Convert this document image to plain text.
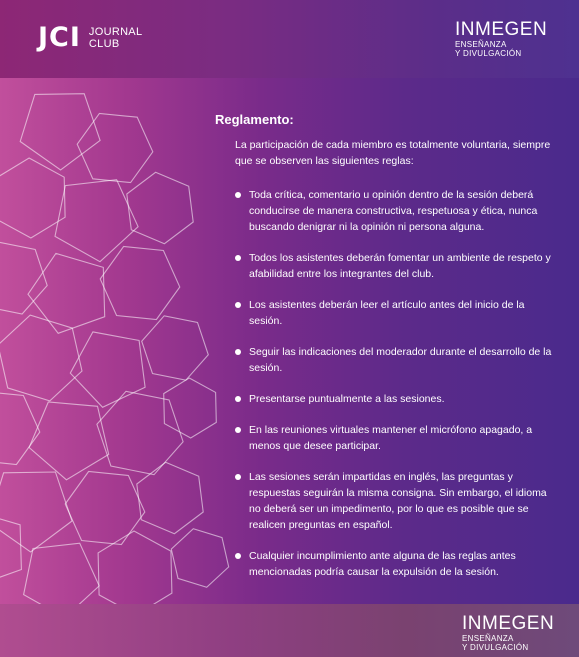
JCI JOURNAL
CLUB
INMEGEN
ENSEÑANZA
Y DIVULGACIÓN
Reglamento:
La participación de cada miembro es totalmente voluntaria, siempre que se observen las siguientes reglas:
Toda crítica, comentario u opinión dentro de la sesión deberá conducirse de manera constructiva, respetuosa y ética, nunca buscando denigrar ni la opinión ni persona alguna.
Todos los asistentes deberán fomentar un ambiente de respeto y afabilidad entre los integrantes del club.
Los asistentes deberán leer el artículo antes del inicio de la sesión.
Seguir las indicaciones del moderador durante el desarrollo de la sesión.
Presentarse puntualmente a las sesiones.
En las reuniones virtuales mantener el micrófono apagado, a menos que desee participar.
Las sesiones serán impartidas en inglés, las preguntas y respuestas seguirán la misma consigna. Sin embargo, el idioma no deberá ser un impedimento, por lo que es posible que se realicen preguntas en español.
Cualquier incumplimiento ante alguna de las reglas antes mencionadas podría causar la expulsión de la sesión.
INMEGEN
ENSEÑANZA
Y DIVULGACIÓN
